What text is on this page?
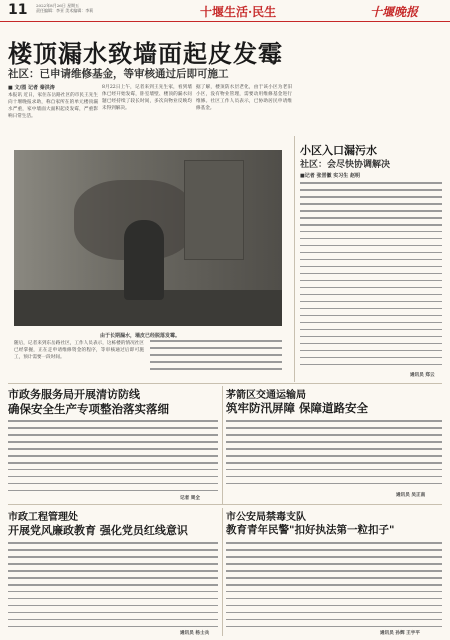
11 2022年8月26日 星期五
责任编辑：李亚 美术编辑：李莉	十堰生活·民生	十堰晚报
楼顶漏水致墙面起皮发霉
社区：已申请维修基金，等审核通过后即可施工
■ 文/图 记者 秦洪涛
本报讯 近日，家住东岳路社区的市民王先生向十堰晚报求助，称自家所在的单元楼顶漏水严重，家中墙面大面积起皮发霉，严重影响日常生活。
8月22日上午，记者来到王先生家，看到墙体已经开始发霉，卧室墙壁、楼顶的漏水问题已经持续了较长时间，多次向物业反映均未得到解决。
据了解，楼顶防水层老化，由于该小区为老旧小区，没有物业管理，需要动用维修基金进行维修。社区工作人员表示，已协助居民申请维修基金。
由于长期漏水，墙皮已经脱落发霉。
随后，记者来到东岳路社区，工作人员表示，这栋楼的情况社区已经掌握，正在走申请维修资金的程序，等审核通过后即可施工，预计需要一段时间。
小区入口漏污水
社区：会尽快协调解决
■记者 张晋徽 实习生 赵明
通讯员 郑云
市政务服务局开展清访防线
确保安全生产专项整治落实落细
记者 周全
茅箭区交通运输局
筑牢防汛屏障 保障道路安全
通讯员 吴正南
市政工程管理处
开展党风廉政教育 强化党员红线意识
通讯员 杨士兵
市公安局禁毒支队
教育青年民警"扣好执法第一粒扣子"
通讯员 孙辉 王宇平
